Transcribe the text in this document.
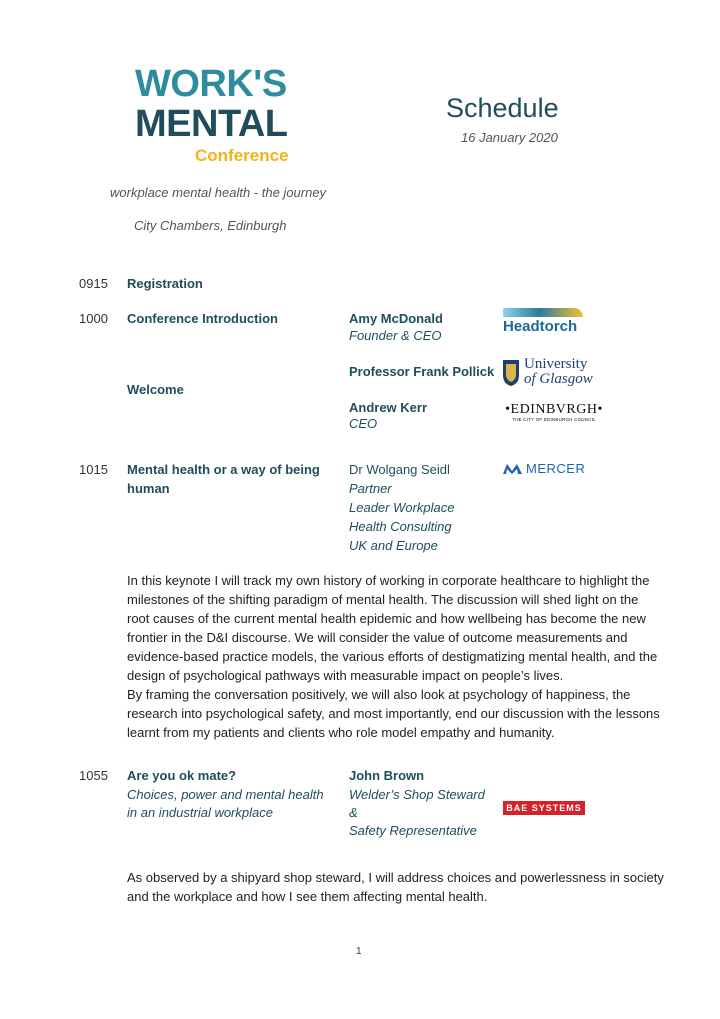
WORK'S
MENTAL
Conference
Schedule
16 January 2020
workplace mental health - the journey
City Chambers, Edinburgh
0915 Registration
1000 Conference Introduction	Amy McDonald
Founder & CEO
Headtorch
Professor Frank Pollick University
of Glasgow
Welcome
Andrew Kerr
CEO
•EDINBVRGH•
THE CITY OF EDINBURGH COUNCIL
1015 Mental health or a way of being
human
Dr Wolgang Seidl
Partner
Leader Workplace
Health Consulting
UK and Europe
MERCER
In this keynote I will track my own history of working in corporate healthcare to highlight the
milestones of the shifting paradigm of mental health. The discussion will shed light on the
root causes of the current mental health epidemic and how wellbeing has become the new
frontier in the D&I discourse. We will consider the value of outcome measurements and
evidence-based practice models, the various efforts of destigmatizing mental health, and the
design of psychological pathways with measurable impact on people’s lives.
By framing the conversation positively, we will also look at psychology of happiness, the
research into psychological safety, and most importantly, end our discussion with the lessons
learnt from my patients and clients who role model empathy and humanity.
1055 Are you ok mate?
Choices, power and mental health
in an industrial workplace
John Brown
Welder’s Shop Steward
&
Safety Representative
BAE SYSTEMS
As observed by a shipyard shop steward, I will address choices and powerlessness in society
and the workplace and how I see them affecting mental health.
1
